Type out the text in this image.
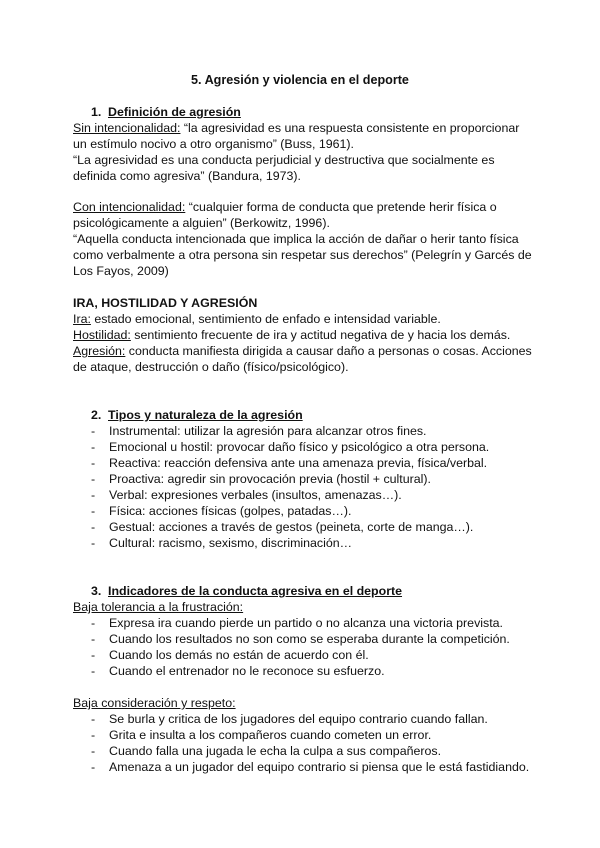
5. Agresión y violencia en el deporte
1. Definición de agresión

Sin intencionalidad: “la agresividad es una respuesta consistente en proporcionar un estímulo nocivo a otro organismo” (Buss, 1961).

“La agresividad es una conducta perjudicial y destructiva que socialmente es definida como agresiva” (Bandura, 1973).

Con intencionalidad: “cualquier forma de conducta que pretende herir física o psicológicamente a alguien” (Berkowitz, 1996).

“Aquella conducta intencionada que implica la acción de dañar o herir tanto física como verbalmente a otra persona sin respetar sus derechos” (Pelegrín y Garcés de Los Fayos, 2009)

IRA, HOSTILIDAD Y AGRESIÓN

Ira: estado emocional, sentimiento de enfado e intensidad variable.

Hostilidad: sentimiento frecuente de ira y actitud negativa de y hacia los demás.

Agresión: conducta manifiesta dirigida a causar daño a personas o cosas. Acciones de ataque, destrucción o daño (físico/psicológico).

2. Tipos y naturaleza de la agresión
- Instrumental: utilizar la agresión para alcanzar otros fines.
- Emocional u hostil: provocar daño físico y psicológico a otra persona.
- Reactiva: reacción defensiva ante una amenaza previa, física/verbal.
- Proactiva: agredir sin provocación previa (hostil + cultural).
- Verbal: expresiones verbales (insultos, amenazas…).
- Física: acciones físicas (golpes, patadas…).
- Gestual: acciones a través de gestos (peineta, corte de manga…).
- Cultural: racismo, sexismo, discriminación…
3. Indicadores de la conducta agresiva en el deporte

Baja tolerancia a la frustración:

- Expresa ira cuando pierde un partido o no alcanza una victoria prevista.
- Cuando los resultados no son como se esperaba durante la competición.
- Cuando los demás no están de acuerdo con él.
- Cuando el entrenador no le reconoce su esfuerzo.

Baja consideración y respeto:

- Se burla y critica de los jugadores del equipo contrario cuando fallan.
- Grita e insulta a los compañeros cuando cometen un error.
- Cuando falla una jugada le echa la culpa a sus compañeros.
- Amenaza a un jugador del equipo contrario si piensa que le está fastidiando.
